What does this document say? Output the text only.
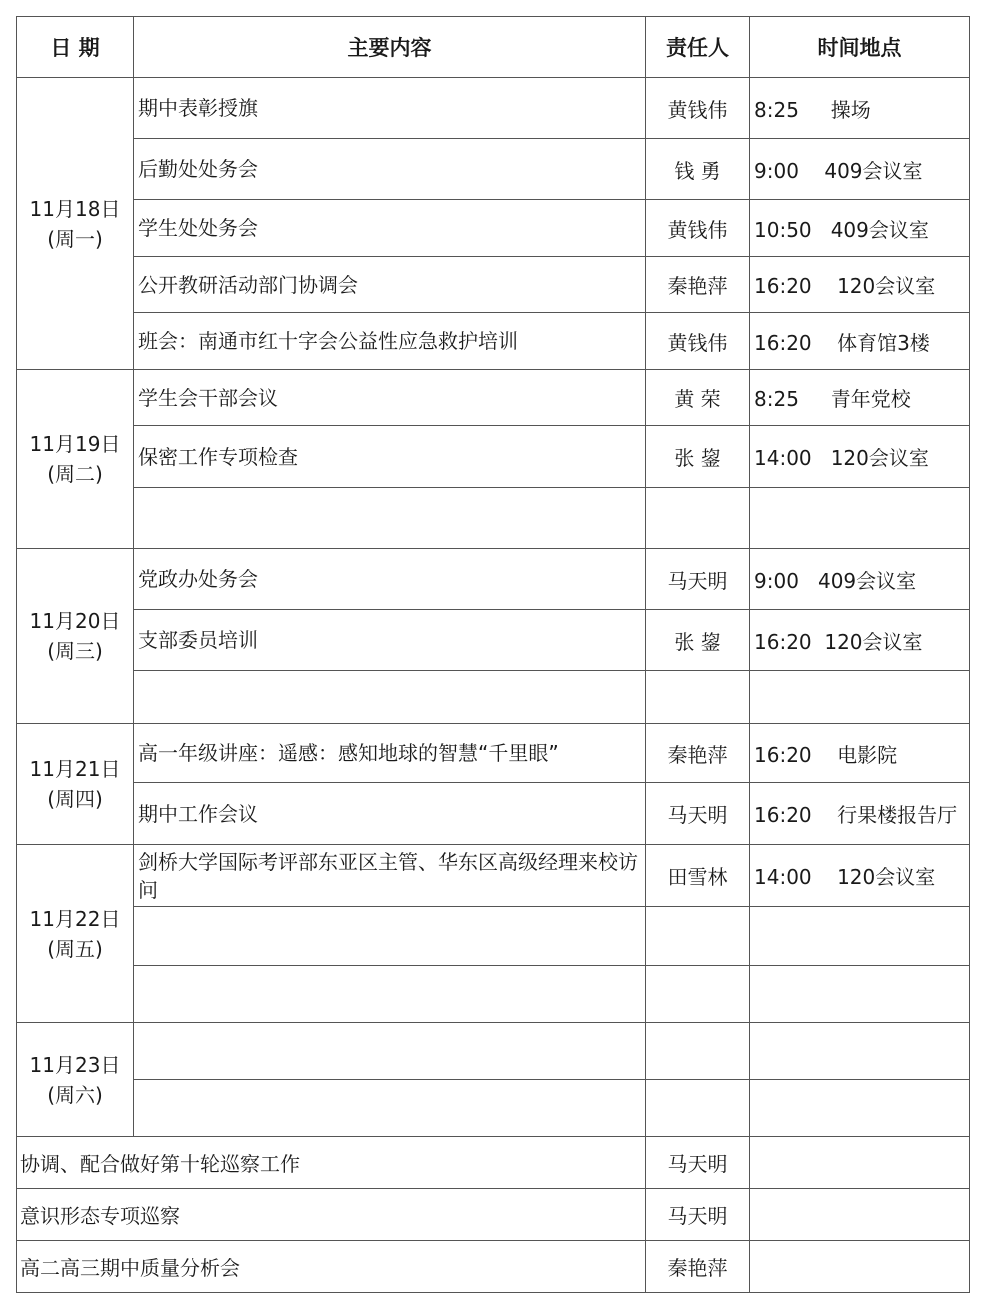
日 期	主要内容	责任人	时间地点

11月18日
(周一)	期中表彰授旗	黄钱伟	8:25     操场
	后勤处处务会	钱 勇	9:00    409会议室
	学生处处务会	黄钱伟	10:50   409会议室
	公开教研活动部门协调会	秦艳萍	16:20    120会议室
	班会：南通市红十字会公益性应急救护培训	黄钱伟	16:20    体育馆3楼

11月19日
(周二)	学生会干部会议	黄 荣	8:25     青年党校
	保密工作专项检查	张 鋆	14:00   120会议室

11月20日
(周三)	党政办处务会	马天明	9:00   409会议室
	支部委员培训	张 鋆	16:20  120会议室

11月21日
(周四)	高一年级讲座：遥感：感知地球的智慧“千里眼”	秦艳萍	16:20    电影院
	期中工作会议	马天明	16:20    行果楼报告厅

11月22日
(周五)	剑桥大学国际考评部东亚区主管、华东区高级经理来校访问	田雪林	14:00    120会议室

11月23日
(周六)			

协调、配合做好第十轮巡察工作		马天明	
意识形态专项巡察		马天明	
高二高三期中质量分析会		秦艳萍	
